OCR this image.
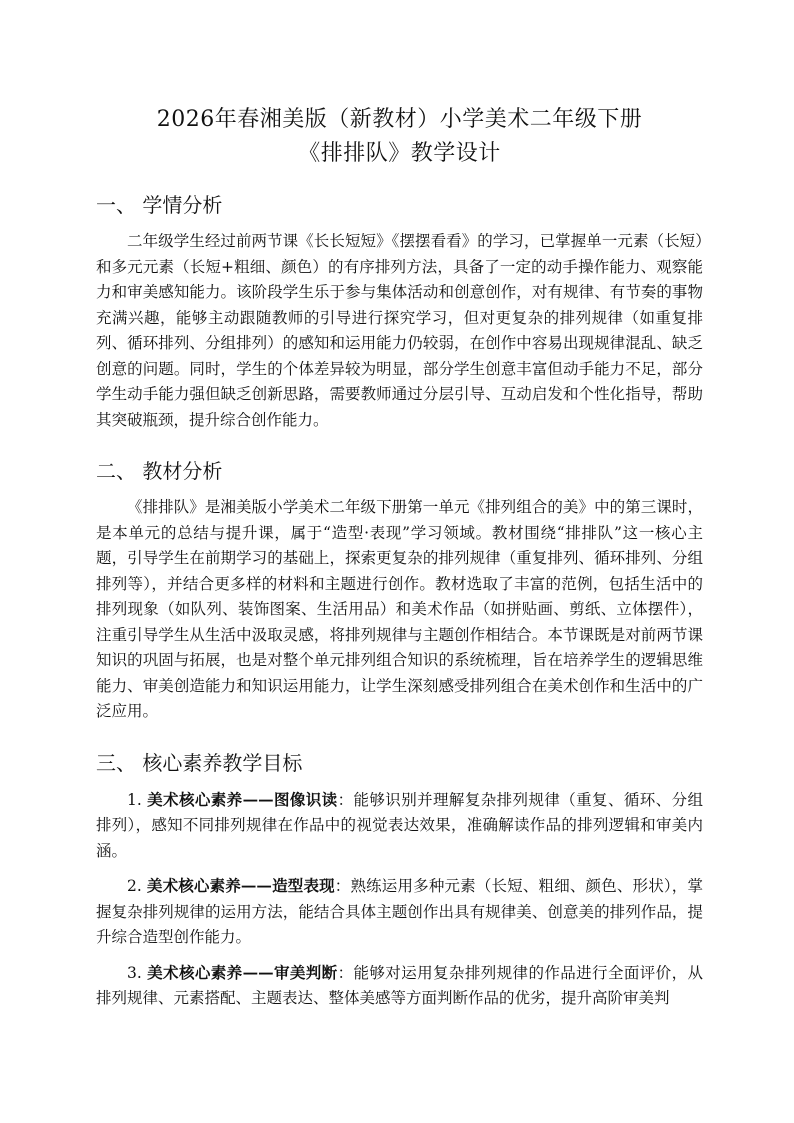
2026年春湘美版（新教材）小学美术二年级下册
《排排队》教学设计
一、 学情分析

二年级学生经过前两节课《长长短短》《摆摆看看》的学习，已掌握单一元素（长短）和多元元素（长短+粗细、颜色）的有序排列方法，具备了一定的动手操作能力、观察能力和审美感知能力。该阶段学生乐于参与集体活动和创意创作，对有规律、有节奏的事物充满兴趣，能够主动跟随教师的引导进行探究学习，但对更复杂的排列规律（如重复排列、循环排列、分组排列）的感知和运用能力仍较弱，在创作中容易出现规律混乱、缺乏创意的问题。同时，学生的个体差异较为明显，部分学生创意丰富但动手能力不足，部分学生动手能力强但缺乏创新思路，需要教师通过分层引导、互动启发和个性化指导，帮助其突破瓶颈，提升综合创作能力。

二、 教材分析

《排排队》是湘美版小学美术二年级下册第一单元《排列组合的美》中的第三课时，是本单元的总结与提升课，属于“造型·表现”学习领域。教材围绕“排排队”这一核心主题，引导学生在前期学习的基础上，探索更复杂的排列规律（重复排列、循环排列、分组排列等），并结合更多样的材料和主题进行创作。教材选取了丰富的范例，包括生活中的排列现象（如队列、装饰图案、生活用品）和美术作品（如拼贴画、剪纸、立体摆件），注重引导学生从生活中汲取灵感，将排列规律与主题创作相结合。本节课既是对前两节课知识的巩固与拓展，也是对整个单元排列组合知识的系统梳理，旨在培养学生的逻辑思维能力、审美创造能力和知识运用能力，让学生深刻感受排列组合在美术创作和生活中的广泛应用。

三、 核心素养教学目标

1. 美术核心素养——图像识读：能够识别并理解复杂排列规律（重复、循环、分组排列），感知不同排列规律在作品中的视觉表达效果，准确解读作品的排列逻辑和审美内涵。

2. 美术核心素养——造型表现：熟练运用多种元素（长短、粗细、颜色、形状），掌握复杂排列规律的运用方法，能结合具体主题创作出具有规律美、创意美的排列作品，提升综合造型创作能力。

3. 美术核心素养——审美判断：能够对运用复杂排列规律的作品进行全面评价，从排列规律、元素搭配、主题表达、整体美感等方面判断作品的优劣，提升高阶审美判
